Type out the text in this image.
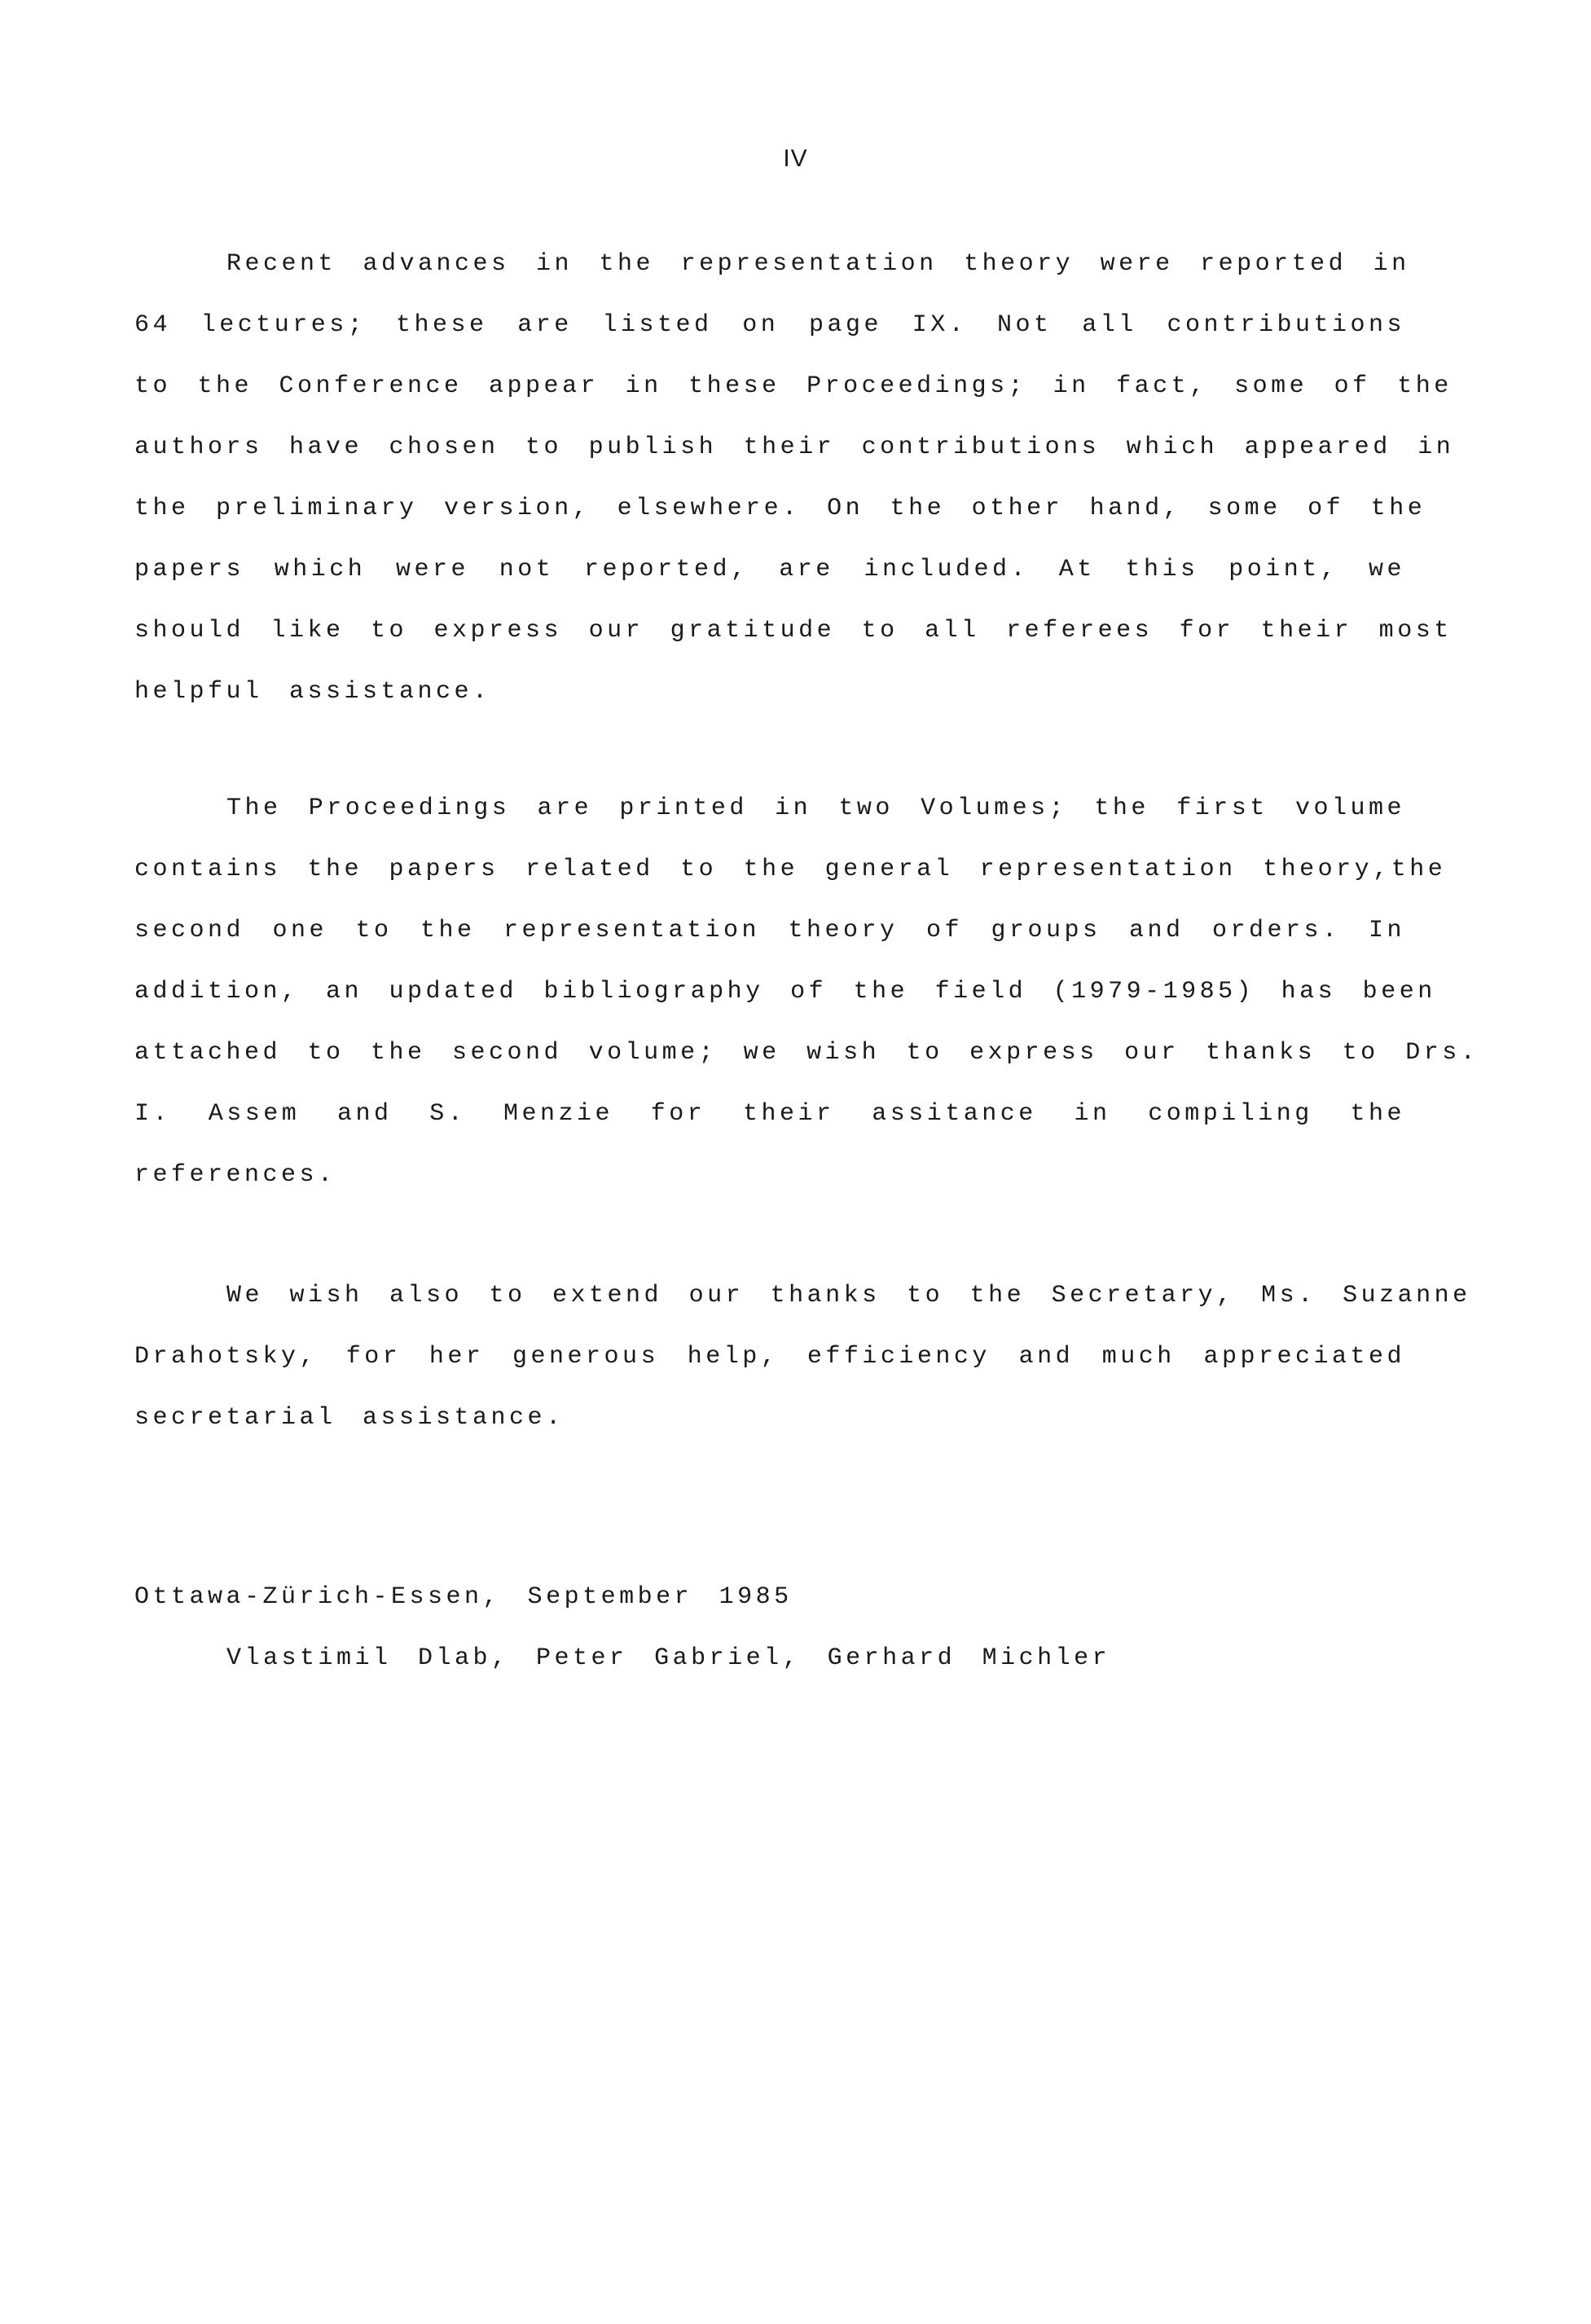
IV
Recent advances in the representation theory were reported in
64 lectures; these are listed on page IX. Not all contributions
to the Conference appear in these Proceedings; in fact, some of the
authors have chosen to publish their contributions which appeared in
the preliminary version, elsewhere. On the other hand, some of the
papers which were not reported, are included. At this point, we
should like to express our gratitude to all referees for their most
helpful assistance.
The Proceedings are printed in two Volumes; the first volume
contains the papers related to the general representation theory,the
second one to the representation theory of groups and orders. In
addition, an updated bibliography of the field (1979-1985) has been
attached to the second volume; we wish to express our thanks to Drs.
I. Assem and S. Menzie for their assitance in compiling the
references.
We wish also to extend our thanks to the Secretary, Ms. Suzanne
Drahotsky, for her generous help, efficiency and much appreciated
secretarial assistance.
Ottawa-Zürich-Essen, September 1985
Vlastimil Dlab, Peter Gabriel, Gerhard Michler
